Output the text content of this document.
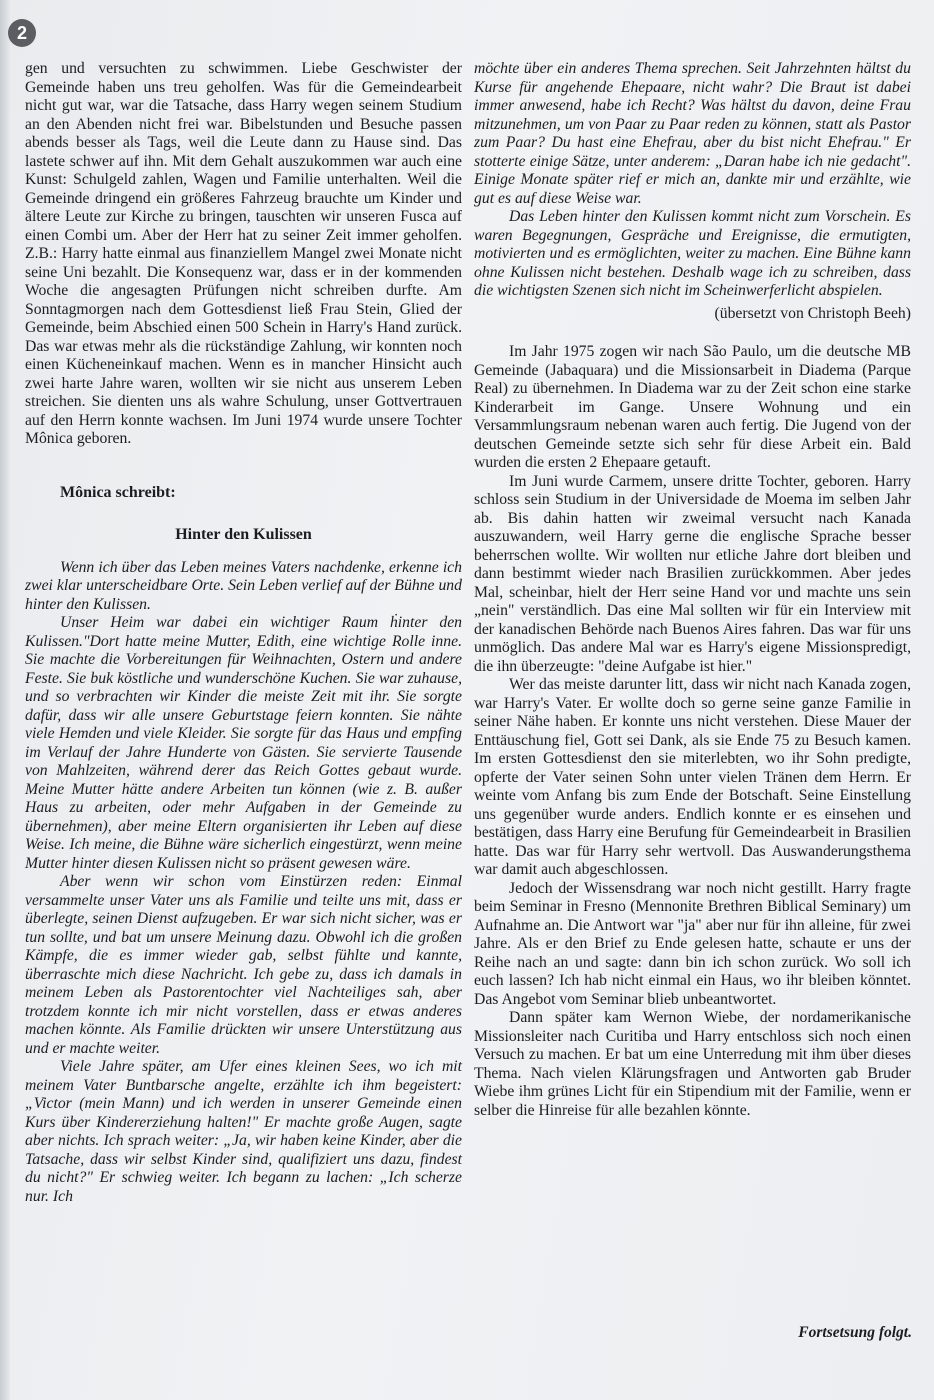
2

gen und versuchten zu schwimmen. Liebe Geschwister der Gemeinde haben uns treu geholfen. Was für die Gemeindearbeit nicht gut war, war die Tatsache, dass Harry wegen seinem Studium an den Abenden nicht frei war. Bibelstunden und Besuche passen abends besser als Tags, weil die Leute dann zu Hause sind. Das lastete schwer auf ihn. Mit dem Gehalt auszukommen war auch eine Kunst: Schulgeld zahlen, Wagen und Familie unterhalten. Weil die Gemeinde dringend ein größeres Fahrzeug brauchte um Kinder und ältere Leute zur Kirche zu bringen, tauschten wir unseren Fusca auf einen Combi um. Aber der Herr hat zu seiner Zeit immer geholfen. Z.B.: Harry hatte einmal aus finanziellem Mangel zwei Monate nicht seine Uni bezahlt. Die Konsequenz war, dass er in der kommenden Woche die angesagten Prüfungen nicht schreiben durfte. Am Sonntagmorgen nach dem Gottesdienst ließ Frau Stein, Glied der Gemeinde, beim Abschied einen 500 Schein in Harry's Hand zurück. Das war etwas mehr als die rückständige Zahlung, wir konnten noch einen Kücheneinkauf machen. Wenn es in mancher Hinsicht auch zwei harte Jahre waren, wollten wir sie nicht aus unserem Leben streichen. Sie dienten uns als wahre Schulung, unser Gottvertrauen auf den Herrn konnte wachsen. Im Juni 1974 wurde unsere Tochter Mônica geboren.

Mônica schreibt:
Hinter den Kulissen

Wenn ich über das Leben meines Vaters nachdenke, erkenne ich zwei klar unterscheidbare Orte. Sein Leben verlief auf der Bühne und hinter den Kulissen.

Unser Heim war dabei ein wichtiger Raum ḣinter den Kulissen."Dort hatte meine Mutter, Edith, eine wichtige Rolle inne. Sie machte die Vorbereitungen für Weihnachten, Ostern und andere Feste. Sie buk köstliche und wunderschöne Kuchen. Sie war zuhause, und so verbrachten wir Kinder die meiste Zeit mit ihr. Sie sorgte dafür, dass wir alle unsere Geburtstage feiern konnten. Sie nähte viele Hemden und viele Kleider. Sie sorgte für das Haus und empfing im Verlauf der Jahre Hunderte von Gästen. Sie servierte Tausende von Mahlzeiten, während derer das Reich Gottes gebaut wurde. Meine Mutter hätte andere Arbeiten tun können (wie z. B. außer Haus zu arbeiten, oder mehr Aufgaben in der Gemeinde zu übernehmen), aber meine Eltern organisierten ihr Leben auf diese Weise. Ich meine, die Bühne wäre sicherlich eingestürzt, wenn meine Mutter hinter diesen Kulissen nicht so präsent gewesen wäre.

Aber wenn wir schon vom Einstürzen reden: Einmal versammelte unser Vater uns als Familie und teilte uns mit, dass er überlegte, seinen Dienst aufzugeben. Er war sich nicht sicher, was er tun sollte, und bat um unsere Meinung dazu. Obwohl ich die großen Kämpfe, die es immer wieder gab, selbst fühlte und kannte, überraschte mich diese Nachricht. Ich gebe zu, dass ich damals in meinem Leben als Pastorentochter viel Nachteiliges sah, aber trotzdem konnte ich mir nicht vorstellen, dass er etwas anderes machen könnte. Als Familie drückten wir unsere Unterstützung aus und er machte weiter.

Viele Jahre später, am Ufer eines kleinen Sees, wo ich mit meinem Vater Buntbarsche angelte, erzählte ich ihm begeistert: „Victor (mein Mann) und ich werden in unserer Gemeinde einen Kurs über Kindererziehung halten!" Er machte große Augen, sagte aber nichts. Ich sprach weiter: „Ja, wir haben keine Kinder, aber die Tatsache, dass wir selbst Kinder sind, qualifiziert uns dazu, findest du nicht?" Er schwieg weiter. Ich begann zu lachen: „Ich scherze nur. Ich

möchte über ein anderes Thema sprechen. Seit Jahrzehnten hältst du Kurse für angehende Ehepaare, nicht wahr? Die Braut ist dabei immer anwesend, habe ich Recht? Was hältst du davon, deine Frau mitzunehmen, um von Paar zu Paar reden zu können, statt als Pastor zum Paar? Du hast eine Ehefrau, aber du bist nicht Ehefrau." Er stotterte einige Sätze, unter anderem: „Daran habe ich nie gedacht". Einige Monate später rief er mich an, dankte mir und erzählte, wie gut es auf diese Weise war.

Das Leben hinter den Kulissen kommt nicht zum Vorschein. Es waren Begegnungen, Gespräche und Ereignisse, die ermutigten, motivierten und es ermöglichten, weiter zu machen. Eine Bühne kann ohne Kulissen nicht bestehen. Deshalb wage ich zu schreiben, dass die wichtigsten Szenen sich nicht im Scheinwerferlicht abspielen.

(übersetzt von Christoph Beeh)

Im Jahr 1975 zogen wir nach São Paulo, um die deutsche MB Gemeinde (Jabaquara) und die Missionsarbeit in Diadema (Parque Real) zu übernehmen. In Diadema war zu der Zeit schon eine starke Kinderarbeit im Gange. Unsere Wohnung und ein Versammlungsraum nebenan waren auch fertig. Die Jugend von der deutschen Gemeinde setzte sich sehr für diese Arbeit ein. Bald wurden die ersten 2 Ehepaare getauft.

Im Juni wurde Carmem, unsere dritte Tochter, geboren. Harry schloss sein Studium in der Universidade de Moema im selben Jahr ab. Bis dahin hatten wir zweimal versucht nach Kanada auszuwandern, weil Harry gerne die englische Sprache besser beherrschen wollte. Wir wollten nur etliche Jahre dort bleiben und dann bestimmt wieder nach Brasilien zurückkommen. Aber jedes Mal, scheinbar, hielt der Herr seine Hand vor und machte uns sein „nein" verständlich. Das eine Mal sollten wir für ein Interview mit der kanadischen Behörde nach Buenos Aires fahren. Das war für uns unmöglich. Das andere Mal war es Harry's eigene Missionspredigt, die ihn überzeugte: "deine Aufgabe ist hier."

Wer das meiste darunter litt, dass wir nicht nach Kanada zogen, war Harry's Vater. Er wollte doch so gerne seine ganze Familie in seiner Nähe haben. Er konnte uns nicht verstehen. Diese Mauer der Enttäuschung fiel, Gott sei Dank, als sie Ende 75 zu Besuch kamen. Im ersten Gottesdienst den sie miterlebten, wo ihr Sohn predigte, opferte der Vater seinen Sohn unter vielen Tränen dem Herrn. Er weinte vom Anfang bis zum Ende der Botschaft. Seine Einstellung uns gegenüber wurde anders. Endlich konnte er es einsehen und bestätigen, dass Harry eine Berufung für Gemeindearbeit in Brasilien hatte. Das war für Harry sehr wertvoll. Das Auswanderungsthema war damit auch abgeschlossen.

Jedoch der Wissensdrang war noch nicht gestillt. Harry fragte beim Seminar in Fresno (Mennonite Brethren Biblical Seminary) um Aufnahme an. Die Antwort war "ja" aber nur für ihn alleine, für zwei Jahre. Als er den Brief zu Ende gelesen hatte, schaute er uns der Reihe nach an und sagte: dann bin ich schon zurück. Wo soll ich euch lassen? Ich hab nicht einmal ein Haus, wo ihr bleiben könntet. Das Angebot vom Seminar blieb unbeantwortet.

Dann später kam Wernon Wiebe, der nordamerikanische Missionsleiter nach Curitiba und Harry entschloss sich noch einen Versuch zu machen. Er bat um eine Unterredung mit ihm über dieses Thema. Nach vielen Klärungsfragen und Antworten gab Bruder Wiebe ihm grünes Licht für ein Stipendium mit der Familie, wenn er selber die Hinreise für alle bezahlen könnte.

Fortsetsung folgt.
